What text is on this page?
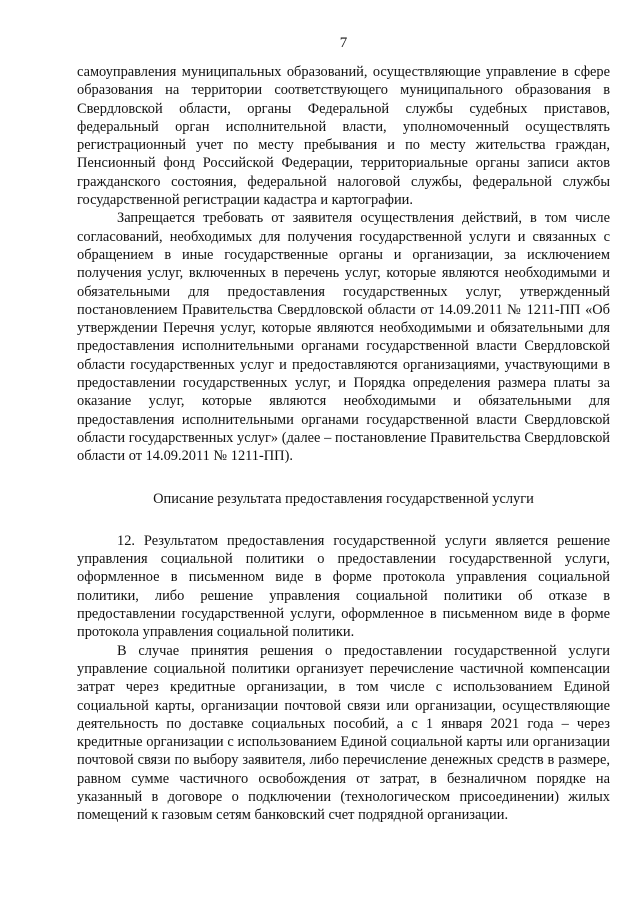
7

самоуправления муниципальных образований, осуществляющие управление в сфере образования на территории соответствующего муниципального образования в Свердловской области, органы Федеральной службы судебных приставов, федеральный орган исполнительной власти, уполномоченный осуществлять регистрационный учет по месту пребывания и по месту жительства граждан, Пенсионный фонд Российской Федерации, территориальные органы записи актов гражданского состояния, федеральной налоговой службы, федеральной службы государственной регистрации кадастра и картографии.

Запрещается требовать от заявителя осуществления действий, в том числе согласований, необходимых для получения государственной услуги и связанных с обращением в иные государственные органы и организации, за исключением получения услуг, включенных в перечень услуг, которые являются необходимыми и обязательными для предоставления государственных услуг, утвержденный постановлением Правительства Свердловской области от 14.09.2011 № 1211-ПП «Об утверждении Перечня услуг, которые являются необходимыми и обязательными для предоставления исполнительными органами государственной власти Свердловской области государственных услуг и предоставляются организациями, участвующими в предоставлении государственных услуг, и Порядка определения размера платы за оказание услуг, которые являются необходимыми и обязательными для предоставления исполнительными органами государственной власти Свердловской области государственных услуг» (далее – постановление Правительства Свердловской области от 14.09.2011 № 1211-ПП).

Описание результата предоставления государственной услуги

12. Результатом предоставления государственной услуги является решение управления социальной политики о предоставлении государственной услуги, оформленное в письменном виде в форме протокола управления социальной политики, либо решение управления социальной политики об отказе в предоставлении государственной услуги, оформленное в письменном виде в форме протокола управления социальной политики.

В случае принятия решения о предоставлении государственной услуги управление социальной политики организует перечисление частичной компенсации затрат через кредитные организации, в том числе с использованием Единой социальной карты, организации почтовой связи или организации, осуществляющие деятельность по доставке социальных пособий, а с 1 января 2021 года – через кредитные организации с использованием Единой социальной карты или организации почтовой связи по выбору заявителя, либо перечисление денежных средств в размере, равном сумме частичного освобождения от затрат, в безналичном порядке на указанный в договоре о подключении (технологическом присоединении) жилых помещений к газовым сетям банковский счет подрядной организации.
